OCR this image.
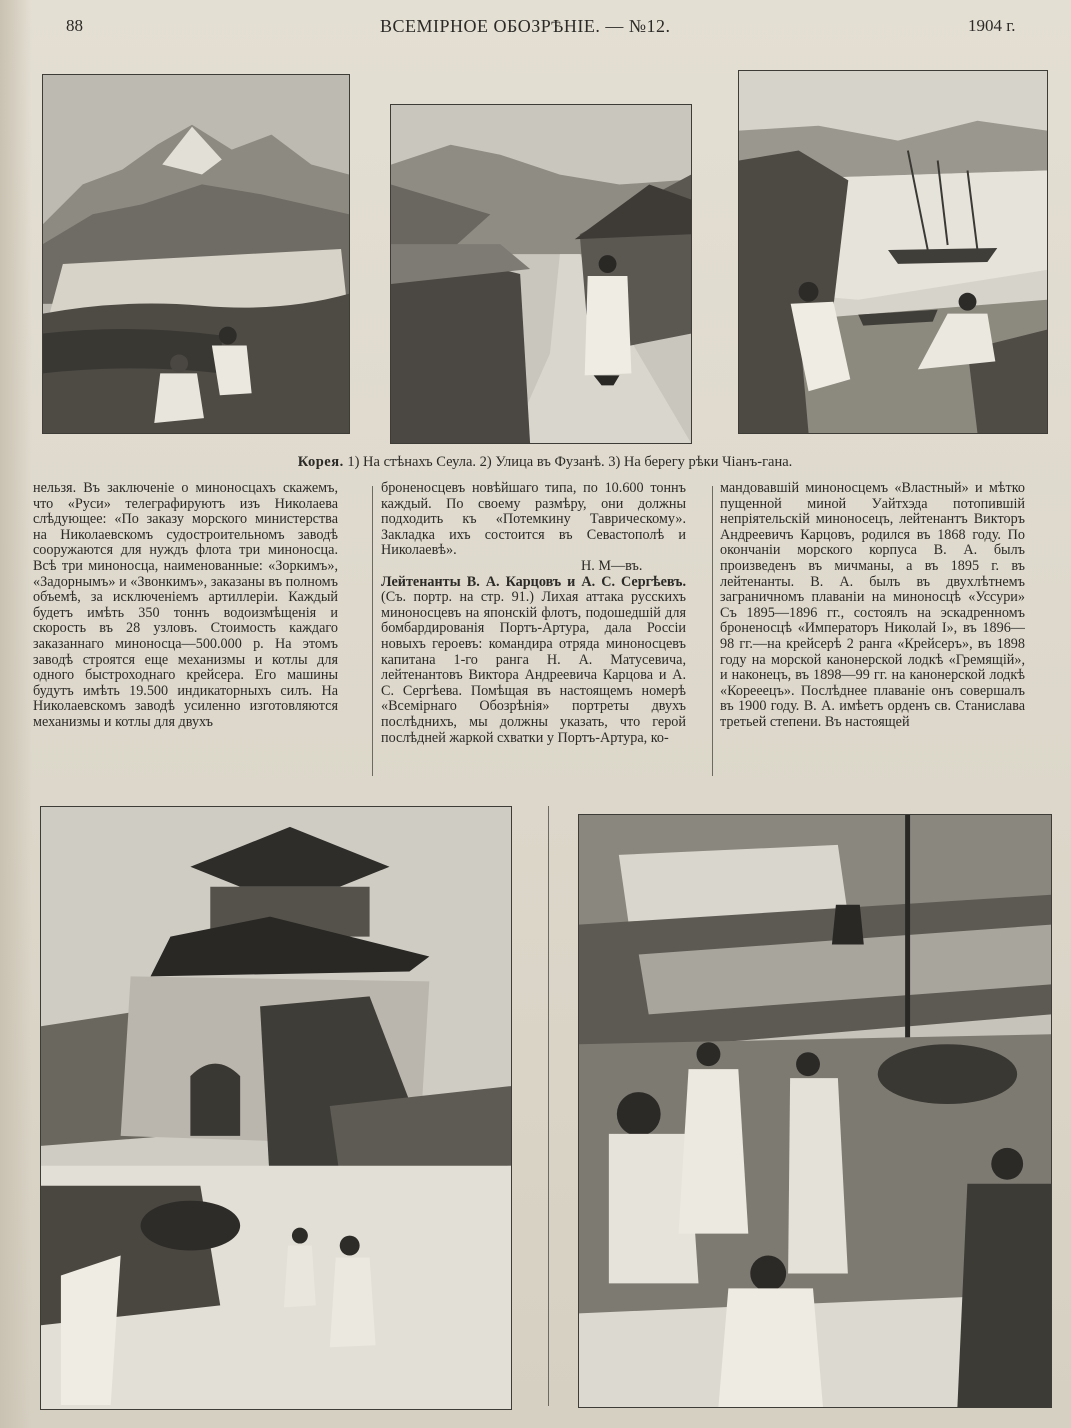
88	ВСЕМIРНОЕ ОБОЗРѢНIЕ. — №12.	1904 г.
Корея. 1) На стѣнахъ Сеула. 2) Улица въ Фузанѣ. 3) На берегу рѣки Чiанъ-гана.

нельзя. Въ заключенiе о миноносцахъ скажемъ, что «Руси» телеграфируютъ изъ Николаева слѣдующее: «По заказу морского министерства на Николаевскомъ судостроительномъ заводѣ сооружаются для нуждъ флота три миноносца. Всѣ три миноносца, наименованные: «Зоркимъ», «Задорнымъ» и «Звонкимъ», заказаны въ полномъ объемѣ, за исключенiемъ артиллерiи. Каждый будетъ имѣть 350 тоннъ водоизмѣщенiя и скорость въ 28 узловъ. Стоимость каждаго заказаннаго миноносца—500.000 р. На этомъ заводѣ строятся еще механизмы и котлы для одного быстроходнаго крейсера. Его машины будутъ имѣть 19.500 индикаторныхъ силъ. На Николаевскомъ заводѣ усиленно изготовляются механизмы и котлы для двухъ

броненосцевъ новѣйшаго типа, по 10.600 тоннъ каждый. По своему размѣру, они должны подходить къ «Потемкину Таврическому». Закладка ихъ состоится въ Севастополѣ и Николаевѣ».

Н. М—въ.

Лейтенанты В. А. Карцовъ и А. С. Сергѣевъ. (Съ. портр. на стр. 91.) Лихая аттака русскихъ миноносцевъ на японскiй флотъ, подошедшiй для бомбардированiя Портъ-Артура, дала Россiи новыхъ героевъ: командира отряда миноносцевъ капитана 1-го ранга Н. А. Матусевича, лейтенантовъ Виктора Андреевича Карцова и А. С. Сергѣева. Помѣщая въ настоящемъ номерѣ «Всемiрнаго Обозрѣнiя» портреты двухъ послѣднихъ, мы должны указать, что герой послѣдней жаркой схватки у Портъ-Артура, ко-

мандовавшiй миноносцемъ «Властный» и мѣтко пущенной миной Уайтхэда потопившiй непрiятельскiй миноносецъ, лейтенантъ Викторъ Андреевичъ Карцовъ, родился въ 1868 году. По окончанiи морского корпуса В. А. былъ произведенъ въ мичманы, а въ 1895 г. въ лейтенанты. В. А. былъ въ двухлѣтнемъ заграничномъ плаванiи на миноносцѣ «Уссури» Съ 1895—1896 гг., состоялъ на эскадренномъ броненосцѣ «Императоръ Николай I», въ 1896—98 гг.—на крейсерѣ 2 ранга «Крейсеръ», въ 1898 году на морской канонерской лодкѣ «Гремящiй», и наконецъ, въ 1898—99 гг. на канонерской лодкѣ «Корееецъ». Послѣднее плаванiе онъ совершалъ въ 1900 году. В. А. имѣетъ орденъ св. Станислава третьей степени. Въ настоящей
